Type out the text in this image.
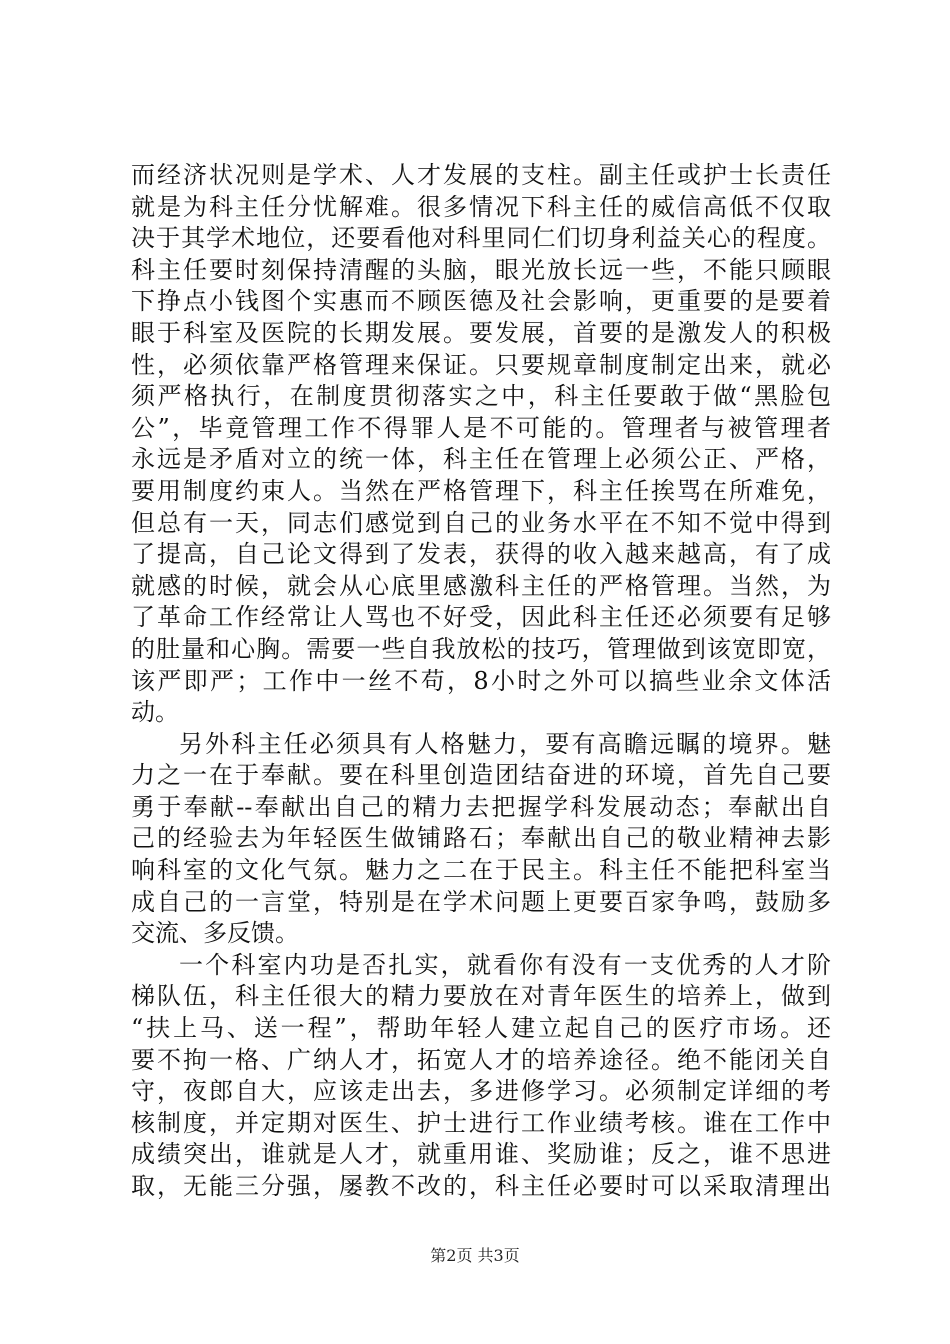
而经济状况则是学术、人才发展的支柱。副主任或护士长责任
就是为科主任分忧解难。很多情况下科主任的威信高低不仅取
决于其学术地位，还要看他对科里同仁们切身利益关心的程度。
科主任要时刻保持清醒的头脑，眼光放长远一些，不能只顾眼
下挣点小钱图个实惠而不顾医德及社会影响，更重要的是要着
眼于科室及医院的长期发展。要发展，首要的是激发人的积极
性，必须依靠严格管理来保证。只要规章制度制定出来，就必
须严格执行，在制度贯彻落实之中，科主任要敢于做“黑脸包
公”，毕竟管理工作不得罪人是不可能的。管理者与被管理者
永远是矛盾对立的统一体，科主任在管理上必须公正、严格，
要用制度约束人。当然在严格管理下，科主任挨骂在所难免，
但总有一天，同志们感觉到自己的业务水平在不知不觉中得到
了提高，自己论文得到了发表，获得的收入越来越高，有了成
就感的时候，就会从心底里感激科主任的严格管理。当然，为
了革命工作经常让人骂也不好受，因此科主任还必须要有足够
的肚量和心胸。需要一些自我放松的技巧，管理做到该宽即宽，
该严即严；工作中一丝不苟，8小时之外可以搞些业余文体活
动。
另外科主任必须具有人格魅力，要有高瞻远瞩的境界。魅
力之一在于奉献。要在科里创造团结奋进的环境，首先自己要
勇于奉献--奉献出自己的精力去把握学科发展动态；奉献出自
己的经验去为年轻医生做铺路石；奉献出自己的敬业精神去影
响科室的文化气氛。魅力之二在于民主。科主任不能把科室当
成自己的一言堂，特别是在学术问题上更要百家争鸣，鼓励多
交流、多反馈。
一个科室内功是否扎实，就看你有没有一支优秀的人才阶
梯队伍，科主任很大的精力要放在对青年医生的培养上，做到
“扶上马、送一程”，帮助年轻人建立起自己的医疗市场。还
要不拘一格、广纳人才，拓宽人才的培养途径。绝不能闭关自
守，夜郎自大，应该走出去，多进修学习。必须制定详细的考
核制度，并定期对医生、护士进行工作业绩考核。谁在工作中
成绩突出，谁就是人才，就重用谁、奖励谁；反之，谁不思进
取，无能三分强，屡教不改的，科主任必要时可以采取清理出
第2页 共3页
